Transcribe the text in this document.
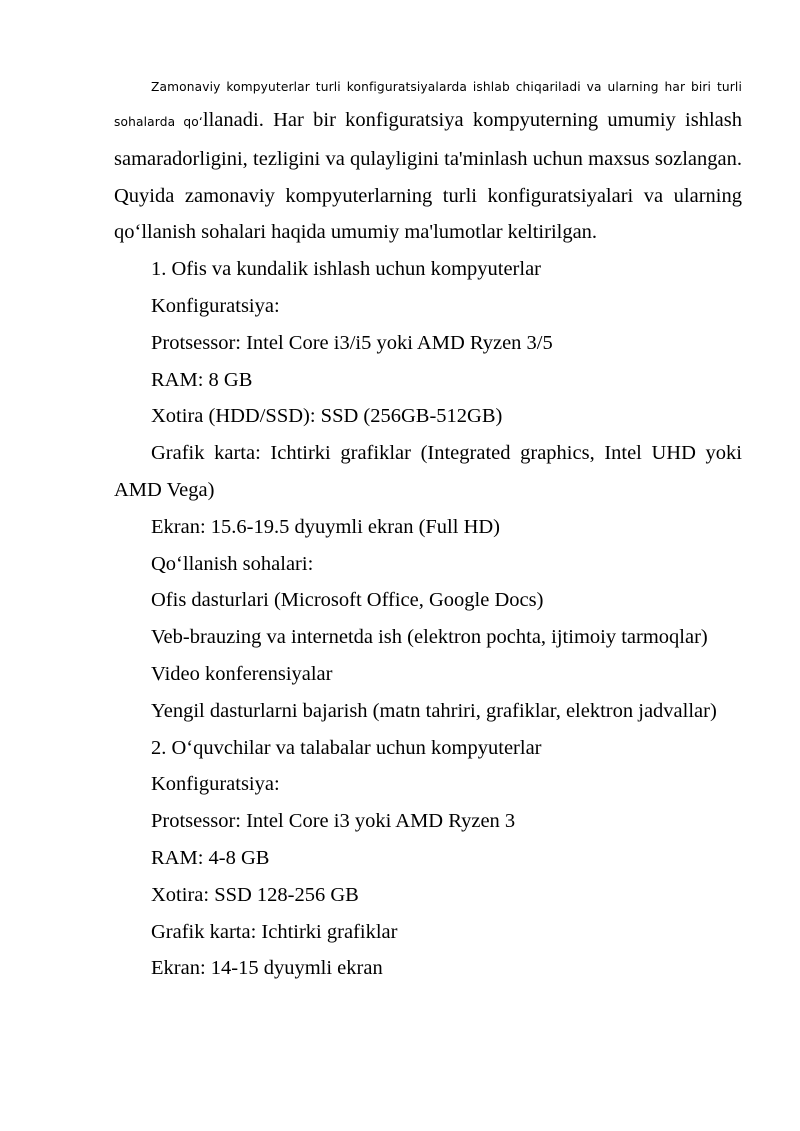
Zamonaviy kompyuterlar turli konfiguratsiyalarda ishlab chiqariladi va ularning har biri turli

sohalarda qo‘llanadi. Har bir konfiguratsiya kompyuterning umumiy ishlash samaradorligini, tezligini va qulayligini ta'minlash uchun maxsus sozlangan. Quyida zamonaviy kompyuterlarning turli konfiguratsiyalari va ularning qo‘llanish sohalari haqida umumiy ma'lumotlar keltirilgan.

1. Ofis va kundalik ishlash uchun kompyuterlar

Konfiguratsiya:

Protsessor: Intel Core i3/i5 yoki AMD Ryzen 3/5

RAM: 8 GB

Xotira (HDD/SSD): SSD (256GB-512GB)

Grafik karta: Ichtirki grafiklar (Integrated graphics, Intel UHD yoki AMD Vega)

Ekran: 15.6-19.5 dyuymli ekran (Full HD)

Qo‘llanish sohalari:

Ofis dasturlari (Microsoft Office, Google Docs)

Veb-brauzing va internetda ish (elektron pochta, ijtimoiy tarmoqlar)

Video konferensiyalar

Yengil dasturlarni bajarish (matn tahriri, grafiklar, elektron jadvallar)

2. O‘quvchilar va talabalar uchun kompyuterlar

Konfiguratsiya:

Protsessor: Intel Core i3 yoki AMD Ryzen 3

RAM: 4-8 GB

Xotira: SSD 128-256 GB

Grafik karta: Ichtirki grafiklar

Ekran: 14-15 dyuymli ekran
